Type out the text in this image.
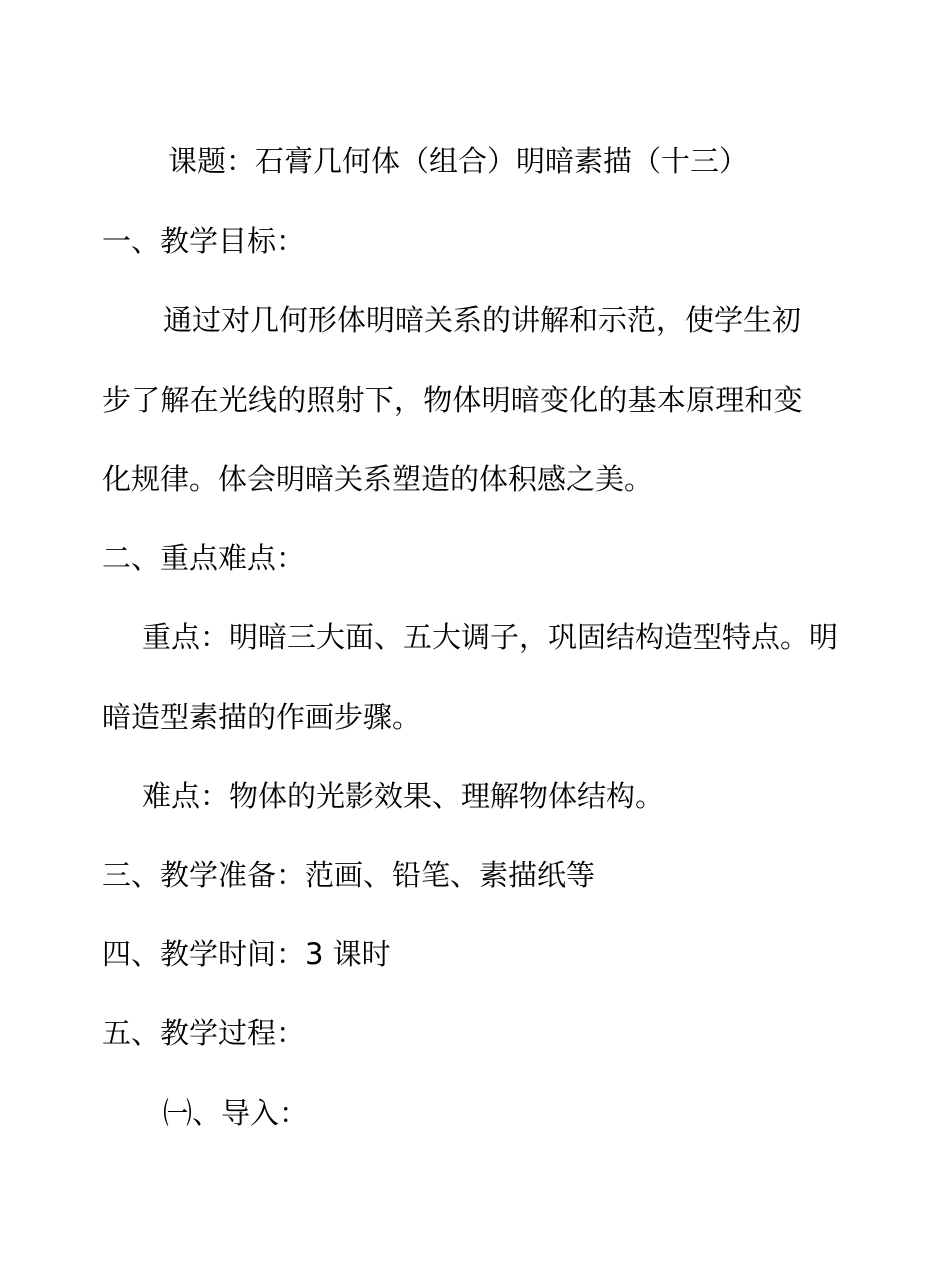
课题：石膏几何体（组合）明暗素描（十三）
一、教学目标：
通过对几何形体明暗关系的讲解和示范，使学生初
步了解在光线的照射下，物体明暗变化的基本原理和变
化规律。体会明暗关系塑造的体积感之美。
二、重点难点：
重点：明暗三大面、五大调子，巩固结构造型特点。明
暗造型素描的作画步骤。
难点：物体的光影效果、理解物体结构。
三、教学准备：范画、铅笔、素描纸等
四、教学时间：3 课时
五、教学过程：
㈠、导入：
